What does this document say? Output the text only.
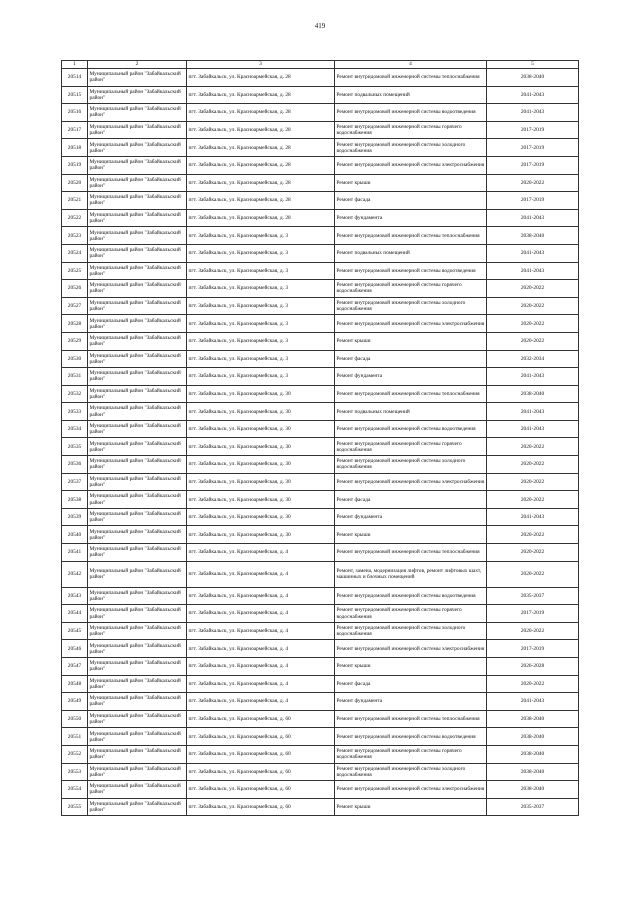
419
1	2	3	4	5
20514	Муниципальный район "Забайкальский район"	пгт. Забайкальск, ул. Красноармейская, д. 28	Ремонт внутридомовой инженерной системы теплоснабжения	2038-2040
20515	Муниципальный район "Забайкальский район"	пгт. Забайкальск, ул. Красноармейская, д. 28	Ремонт подвальных помещений	2041-2043
20516	Муниципальный район "Забайкальский район"	пгт. Забайкальск, ул. Красноармейская, д. 28	Ремонт внутридомовой инженерной системы водоотведения	2041-2043
20517	Муниципальный район "Забайкальский район"	пгт. Забайкальск, ул. Красноармейская, д. 28	Ремонт внутридомовой инженерной системы горячего водоснабжения	2017-2019
20518	Муниципальный район "Забайкальский район"	пгт. Забайкальск, ул. Красноармейская, д. 28	Ремонт внутридомовой инженерной системы холодного водоснабжения	2017-2019
20519	Муниципальный район "Забайкальский район"	пгт. Забайкальск, ул. Красноармейская, д. 28	Ремонт внутридомовой инженерной системы электроснабжения	2017-2019
20520	Муниципальный район "Забайкальский район"	пгт. Забайкальск, ул. Красноармейская, д. 28	Ремонт крыши	2020-2022
20521	Муниципальный район "Забайкальский район"	пгт. Забайкальск, ул. Красноармейская, д. 28	Ремонт фасада	2017-2019
20522	Муниципальный район "Забайкальский район"	пгт. Забайкальск, ул. Красноармейская, д. 28	Ремонт фундамента	2041-2043
20523	Муниципальный район "Забайкальский район"	пгт. Забайкальск, ул. Красноармейская, д. 3	Ремонт внутридомовой инженерной системы теплоснабжения	2038-2040
20524	Муниципальный район "Забайкальский район"	пгт. Забайкальск, ул. Красноармейская, д. 3	Ремонт подвальных помещений	2041-2043
20525	Муниципальный район "Забайкальский район"	пгт. Забайкальск, ул. Красноармейская, д. 3	Ремонт внутридомовой инженерной системы водоотведения	2041-2043
20526	Муниципальный район "Забайкальский район"	пгт. Забайкальск, ул. Красноармейская, д. 3	Ремонт внутридомовой инженерной системы горячего водоснабжения	2020-2022
20527	Муниципальный район "Забайкальский район"	пгт. Забайкальск, ул. Красноармейская, д. 3	Ремонт внутридомовой инженерной системы холодного водоснабжения	2020-2022
20528	Муниципальный район "Забайкальский район"	пгт. Забайкальск, ул. Красноармейская, д. 3	Ремонт внутридомовой инженерной системы электроснабжения	2020-2022
20529	Муниципальный район "Забайкальский район"	пгт. Забайкальск, ул. Красноармейская, д. 3	Ремонт крыши	2020-2022
20530	Муниципальный район "Забайкальский район"	пгт. Забайкальск, ул. Красноармейская, д. 3	Ремонт фасада	2032-2034
20531	Муниципальный район "Забайкальский район"	пгт. Забайкальск, ул. Красноармейская, д. 3	Ремонт фундамента	2041-2043
20532	Муниципальный район "Забайкальский район"	пгт. Забайкальск, ул. Красноармейская, д. 30	Ремонт внутридомовой инженерной системы теплоснабжения	2038-2040
20533	Муниципальный район "Забайкальский район"	пгт. Забайкальск, ул. Красноармейская, д. 30	Ремонт подвальных помещений	2041-2043
20534	Муниципальный район "Забайкальский район"	пгт. Забайкальск, ул. Красноармейская, д. 30	Ремонт внутридомовой инженерной системы водоотведения	2041-2043
20535	Муниципальный район "Забайкальский район"	пгт. Забайкальск, ул. Красноармейская, д. 30	Ремонт внутридомовой инженерной системы горячего водоснабжения	2020-2022
20536	Муниципальный район "Забайкальский район"	пгт. Забайкальск, ул. Красноармейская, д. 30	Ремонт внутридомовой инженерной системы холодного водоснабжения	2020-2022
20537	Муниципальный район "Забайкальский район"	пгт. Забайкальск, ул. Красноармейская, д. 30	Ремонт внутридомовой инженерной системы электроснабжения	2020-2022
20538	Муниципальный район "Забайкальский район"	пгт. Забайкальск, ул. Красноармейская, д. 30	Ремонт фасада	2020-2022
20539	Муниципальный район "Забайкальский район"	пгт. Забайкальск, ул. Красноармейская, д. 30	Ремонт фундамента	2041-2043
20540	Муниципальный район "Забайкальский район"	пгт. Забайкальск, ул. Красноармейская, д. 30	Ремонт крыши	2020-2022
20541	Муниципальный район "Забайкальский район"	пгт. Забайкальск, ул. Красноармейская, д. 4	Ремонт внутридомовой инженерной системы теплоснабжения	2020-2022
20542	Муниципальный район "Забайкальский район"	пгт. Забайкальск, ул. Красноармейская, д. 4	Ремонт, замена, модернизация лифтов, ремонт лифтовых шахт, машинных и блочных помещений	2020-2022
20543	Муниципальный район "Забайкальский район"	пгт. Забайкальск, ул. Красноармейская, д. 4	Ремонт внутридомовой инженерной системы водоотведения	2035-2037
20544	Муниципальный район "Забайкальский район"	пгт. Забайкальск, ул. Красноармейская, д. 4	Ремонт внутридомовой инженерной системы горячего водоснабжения	2017-2019
20545	Муниципальный район "Забайкальский район"	пгт. Забайкальск, ул. Красноармейская, д. 4	Ремонт внутридомовой инженерной системы холодного водоснабжения	2020-2022
20546	Муниципальный район "Забайкальский район"	пгт. Забайкальск, ул. Красноармейская, д. 4	Ремонт внутридомовой инженерной системы электроснабжения	2017-2019
20547	Муниципальный район "Забайкальский район"	пгт. Забайкальск, ул. Красноармейская, д. 4	Ремонт крыши	2026-2028
20548	Муниципальный район "Забайкальский район"	пгт. Забайкальск, ул. Красноармейская, д. 4	Ремонт фасада	2020-2022
20549	Муниципальный район "Забайкальский район"	пгт. Забайкальск, ул. Красноармейская, д. 4	Ремонт фундамента	2041-2043
20550	Муниципальный район "Забайкальский район"	пгт. Забайкальск, ул. Красноармейская, д. 60	Ремонт внутридомовой инженерной системы теплоснабжения	2038-2040
20551	Муниципальный район "Забайкальский район"	пгт. Забайкальск, ул. Красноармейская, д. 60	Ремонт внутридомовой инженерной системы водоотведения	2038-2040
20552	Муниципальный район "Забайкальский район"	пгт. Забайкальск, ул. Красноармейская, д. 60	Ремонт внутридомовой инженерной системы горячего водоснабжения	2038-2040
20553	Муниципальный район "Забайкальский район"	пгт. Забайкальск, ул. Красноармейская, д. 60	Ремонт внутридомовой инженерной системы холодного водоснабжения	2038-2040
20554	Муниципальный район "Забайкальский район"	пгт. Забайкальск, ул. Красноармейская, д. 60	Ремонт внутридомовой инженерной системы электроснабжения	2038-2040
20555	Муниципальный район "Забайкальский район"	пгт. Забайкальск, ул. Красноармейская, д. 60	Ремонт крыши	2035-2037
